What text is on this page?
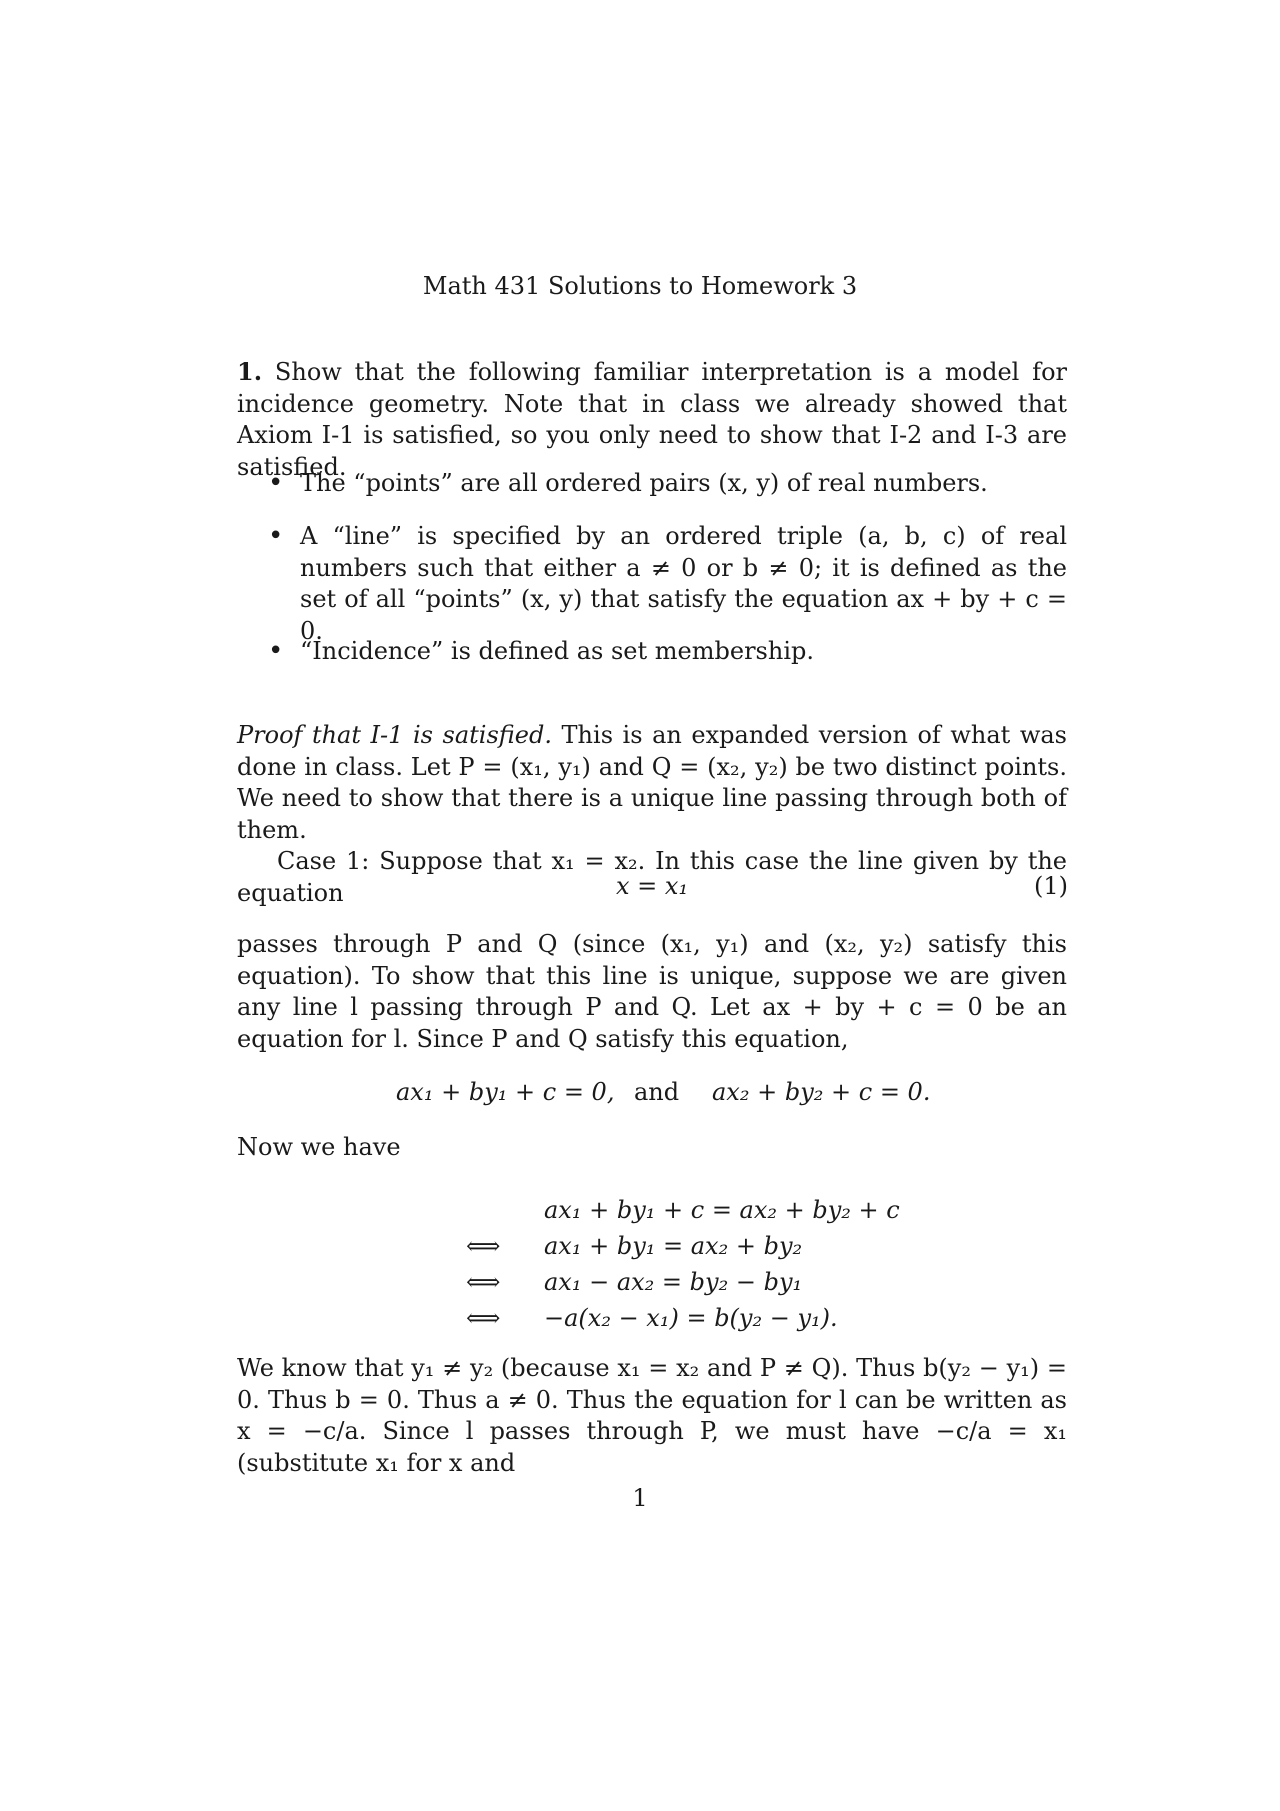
Math 431 Solutions to Homework 3

1. Show that the following familiar interpretation is a model for incidence geometry. Note that in class we already showed that Axiom I-1 is satisfied, so you only need to show that I-2 and I-3 are satisfied.

• The “points” are all ordered pairs (x, y) of real numbers.
• A “line” is specified by an ordered triple (a, b, c) of real numbers such that either a ≠ 0 or b ≠ 0; it is defined as the set of all “points” (x, y) that satisfy the equation ax + by + c = 0.
• “Incidence” is defined as set membership.

Proof that I-1 is satisfied. This is an expanded version of what was done in class. Let P = (x₁, y₁) and Q = (x₂, y₂) be two distinct points. We need to show that there is a unique line passing through both of them.

Case 1: Suppose that x₁ = x₂. In this case the line given by the equation	x = x₁	(1)

passes through P and Q (since (x₁, y₁) and (x₂, y₂) satisfy this equation). To show that this line is unique, suppose we are given any line l passing through P and Q. Let ax + by + c = 0 be an equation for l. Since P and Q satisfy this equation,

ax₁ + by₁ + c = 0, and ax₂ + by₂ + c = 0.
Now we have
ax₁ + by₁ + c = ax₂ + by₂ + c
⟺ ax₁ + by₁ = ax₂ + by₂
⟺ ax₁ − ax₂ = by₂ − by₁
⟺ −a(x₂ − x₁) = b(y₂ − y₁).

We know that y₁ ≠ y₂ (because x₁ = x₂ and P ≠ Q). Thus b(y₂ − y₁) = 0. Thus b = 0. Thus a ≠ 0. Thus the equation for l can be written as x = −c/a. Since l passes through P, we must have −c/a = x₁ (substitute x₁ for x and

1
